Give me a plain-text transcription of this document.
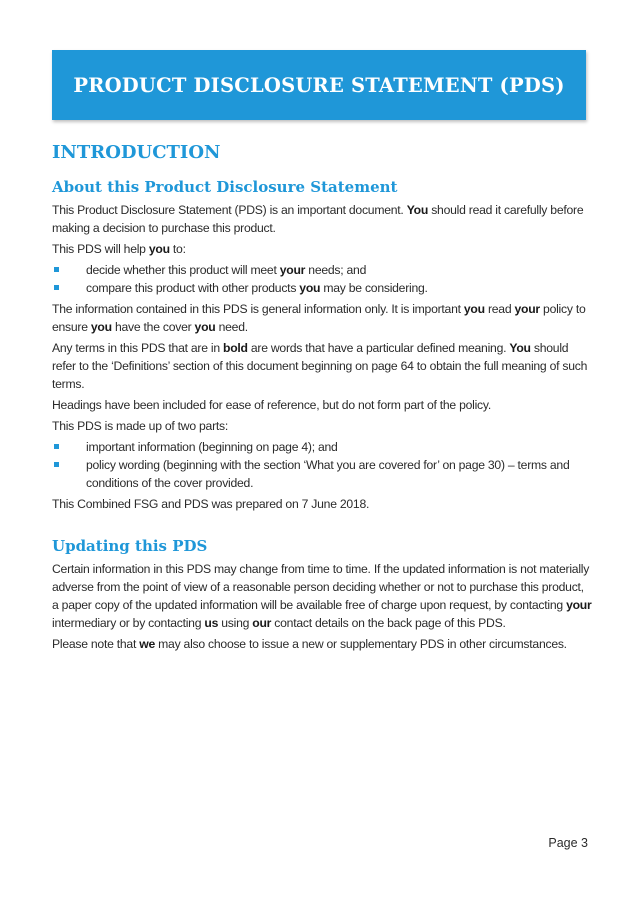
PRODUCT DISCLOSURE STATEMENT (PDS)
INTRODUCTION
About this Product Disclosure Statement

This Product Disclosure Statement (PDS) is an important document. You should read it carefully before making a decision to purchase this product.

This PDS will help you to:

decide whether this product will meet your needs; and
compare this product with other products you may be considering.

The information contained in this PDS is general information only. It is important you read your policy to ensure you have the cover you need.

Any terms in this PDS that are in bold are words that have a particular defined meaning. You should refer to the ‘Definitions’ section of this document beginning on page 64 to obtain the full meaning of such terms.

Headings have been included for ease of reference, but do not form part of the policy.

This PDS is made up of two parts:

important information (beginning on page 4); and
policy wording (beginning with the section ‘What you are covered for’ on page 30) – terms and conditions of the cover provided.

This Combined FSG and PDS was prepared on 7 June 2018.

Updating this PDS

Certain information in this PDS may change from time to time. If the updated information is not materially adverse from the point of view of a reasonable person deciding whether or not to purchase this product, a paper copy of the updated information will be available free of charge upon request, by contacting your intermediary or by contacting us using our contact details on the back page of this PDS.

Please note that we may also choose to issue a new or supplementary PDS in other circumstances.

Page 3
